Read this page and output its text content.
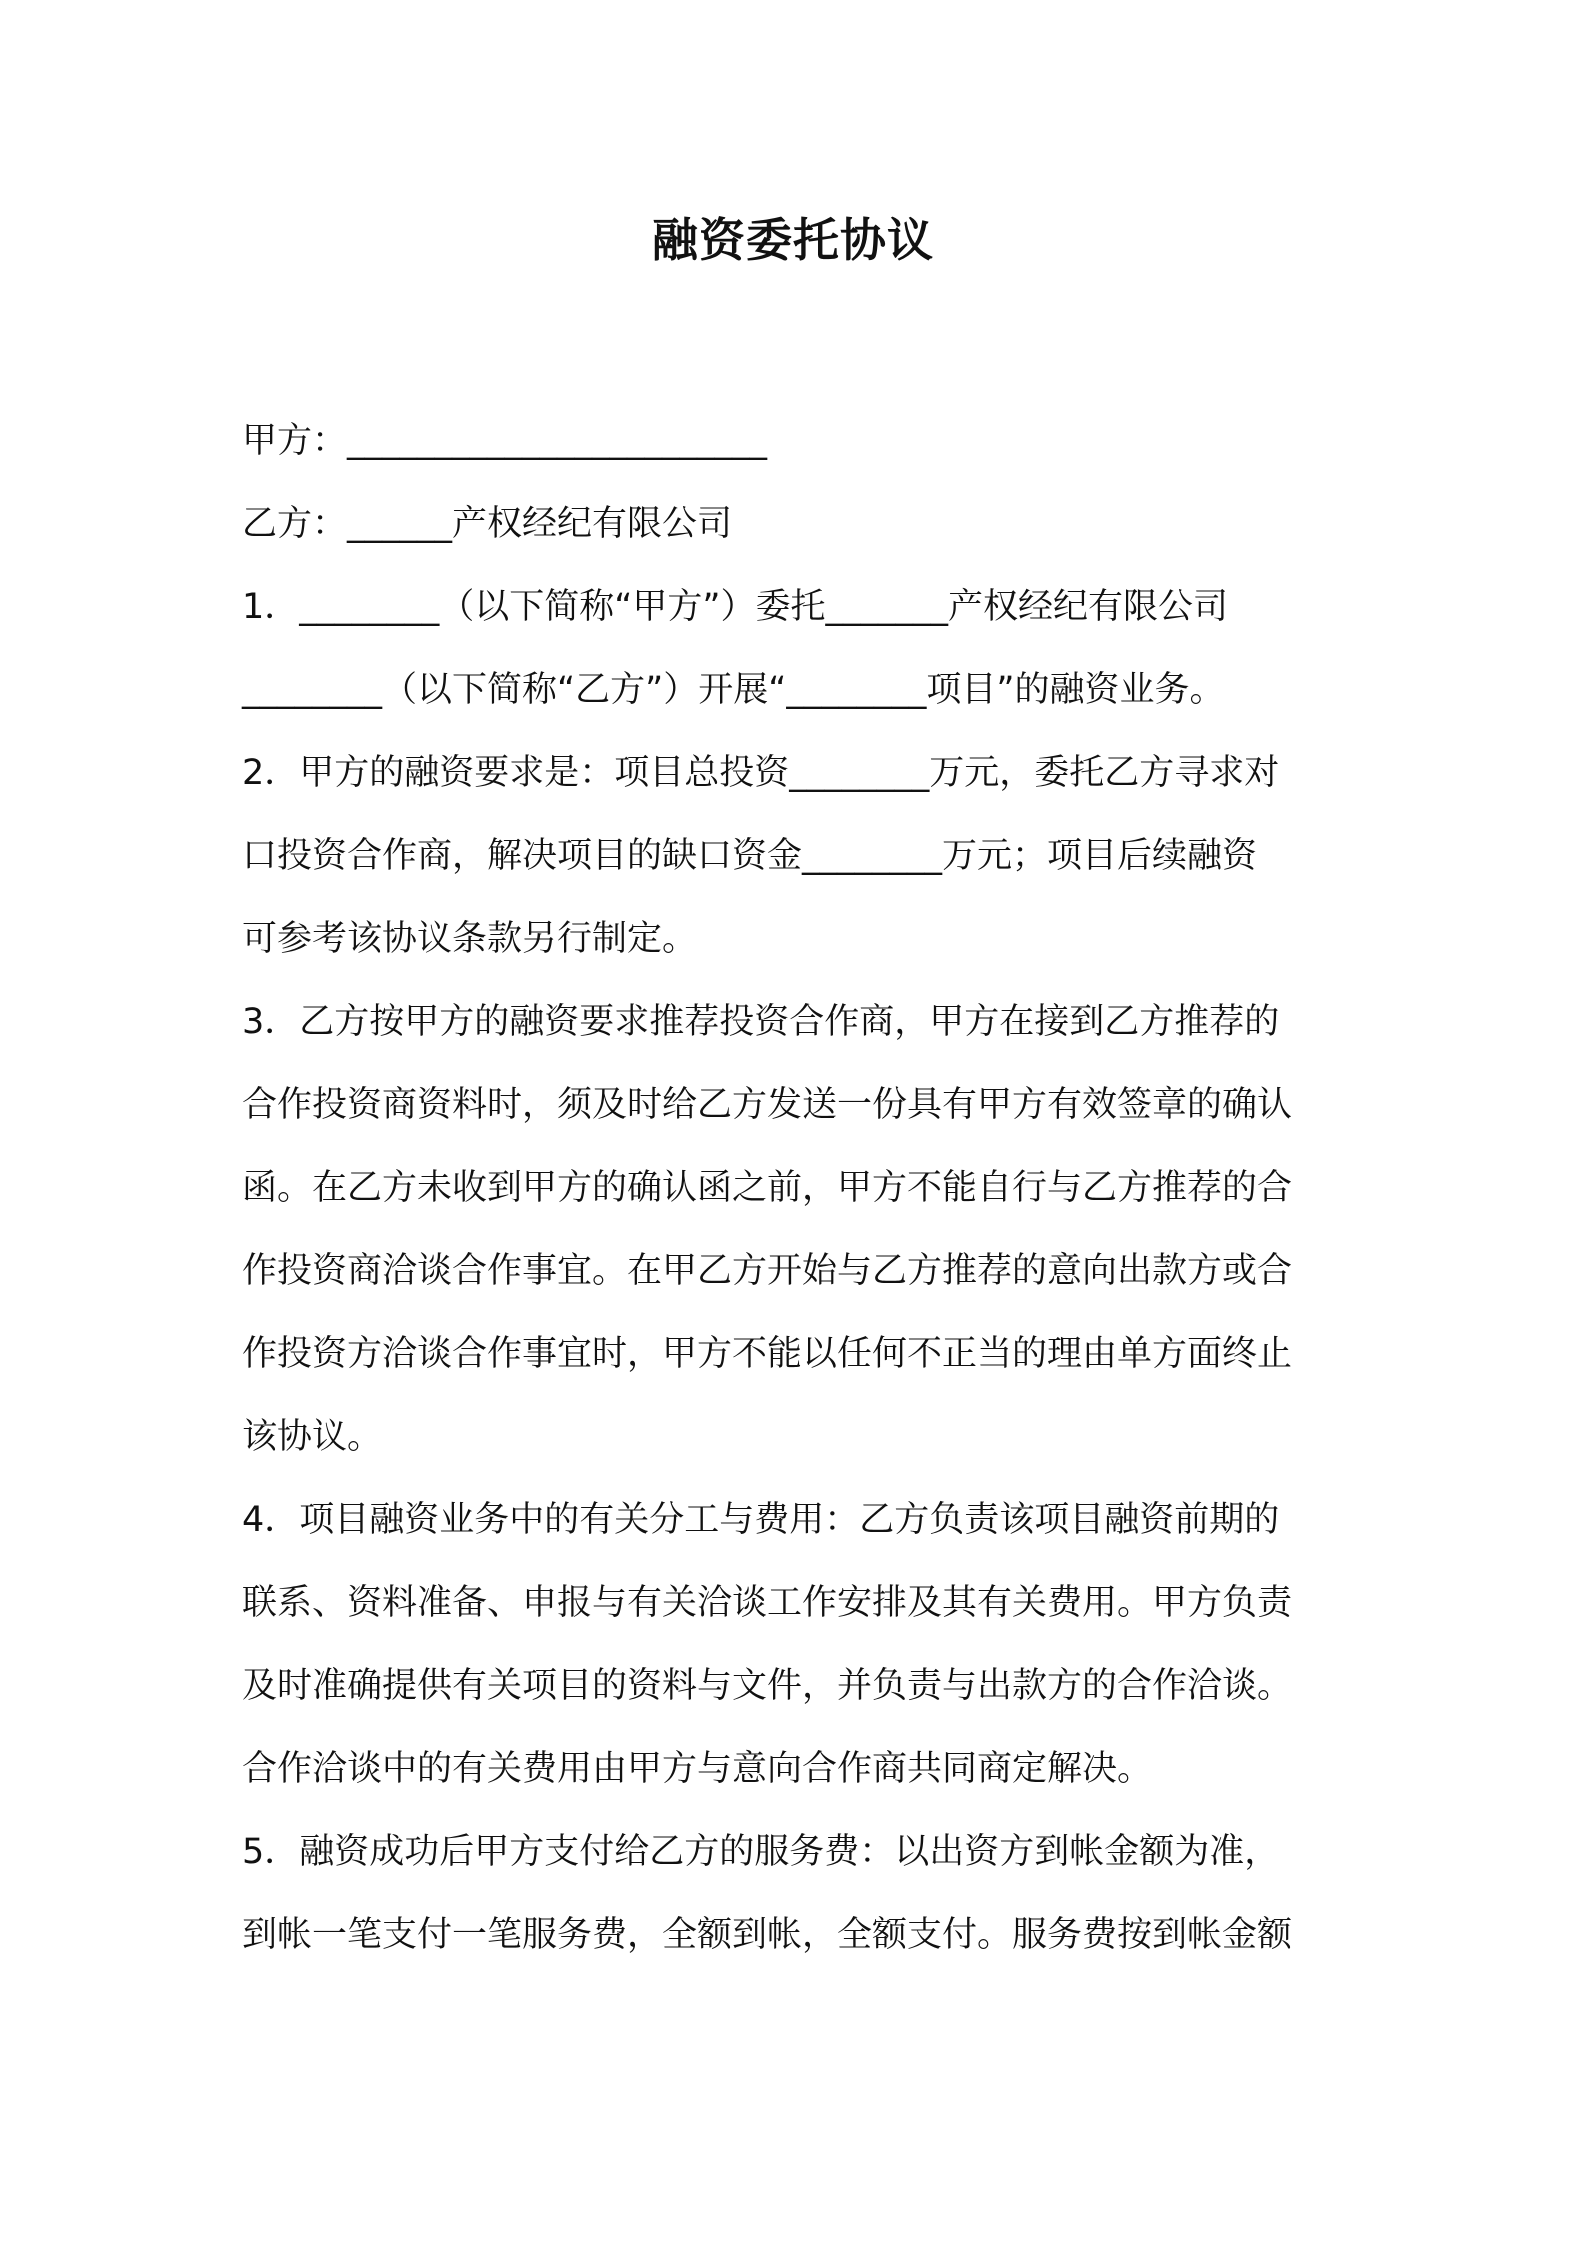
融资委托协议
甲方：________________________
乙方：______产权经纪有限公司
1．________（以下简称“甲方”）委托_______产权经纪有限公司
________（以下简称“乙方”）开展“________项目”的融资业务。
2．甲方的融资要求是：项目总投资________万元，委托乙方寻求对
口投资合作商，解决项目的缺口资金________万元；项目后续融资
可参考该协议条款另行制定。
3．乙方按甲方的融资要求推荐投资合作商，甲方在接到乙方推荐的
合作投资商资料时，须及时给乙方发送一份具有甲方有效签章的确认
函。在乙方未收到甲方的确认函之前，甲方不能自行与乙方推荐的合
作投资商洽谈合作事宜。在甲乙方开始与乙方推荐的意向出款方或合
作投资方洽谈合作事宜时，甲方不能以任何不正当的理由单方面终止
该协议。
4．项目融资业务中的有关分工与费用：乙方负责该项目融资前期的
联系、资料准备、申报与有关洽谈工作安排及其有关费用。甲方负责
及时准确提供有关项目的资料与文件，并负责与出款方的合作洽谈。
合作洽谈中的有关费用由甲方与意向合作商共同商定解决。
5．融资成功后甲方支付给乙方的服务费：以出资方到帐金额为准，
到帐一笔支付一笔服务费，全额到帐，全额支付。服务费按到帐金额
